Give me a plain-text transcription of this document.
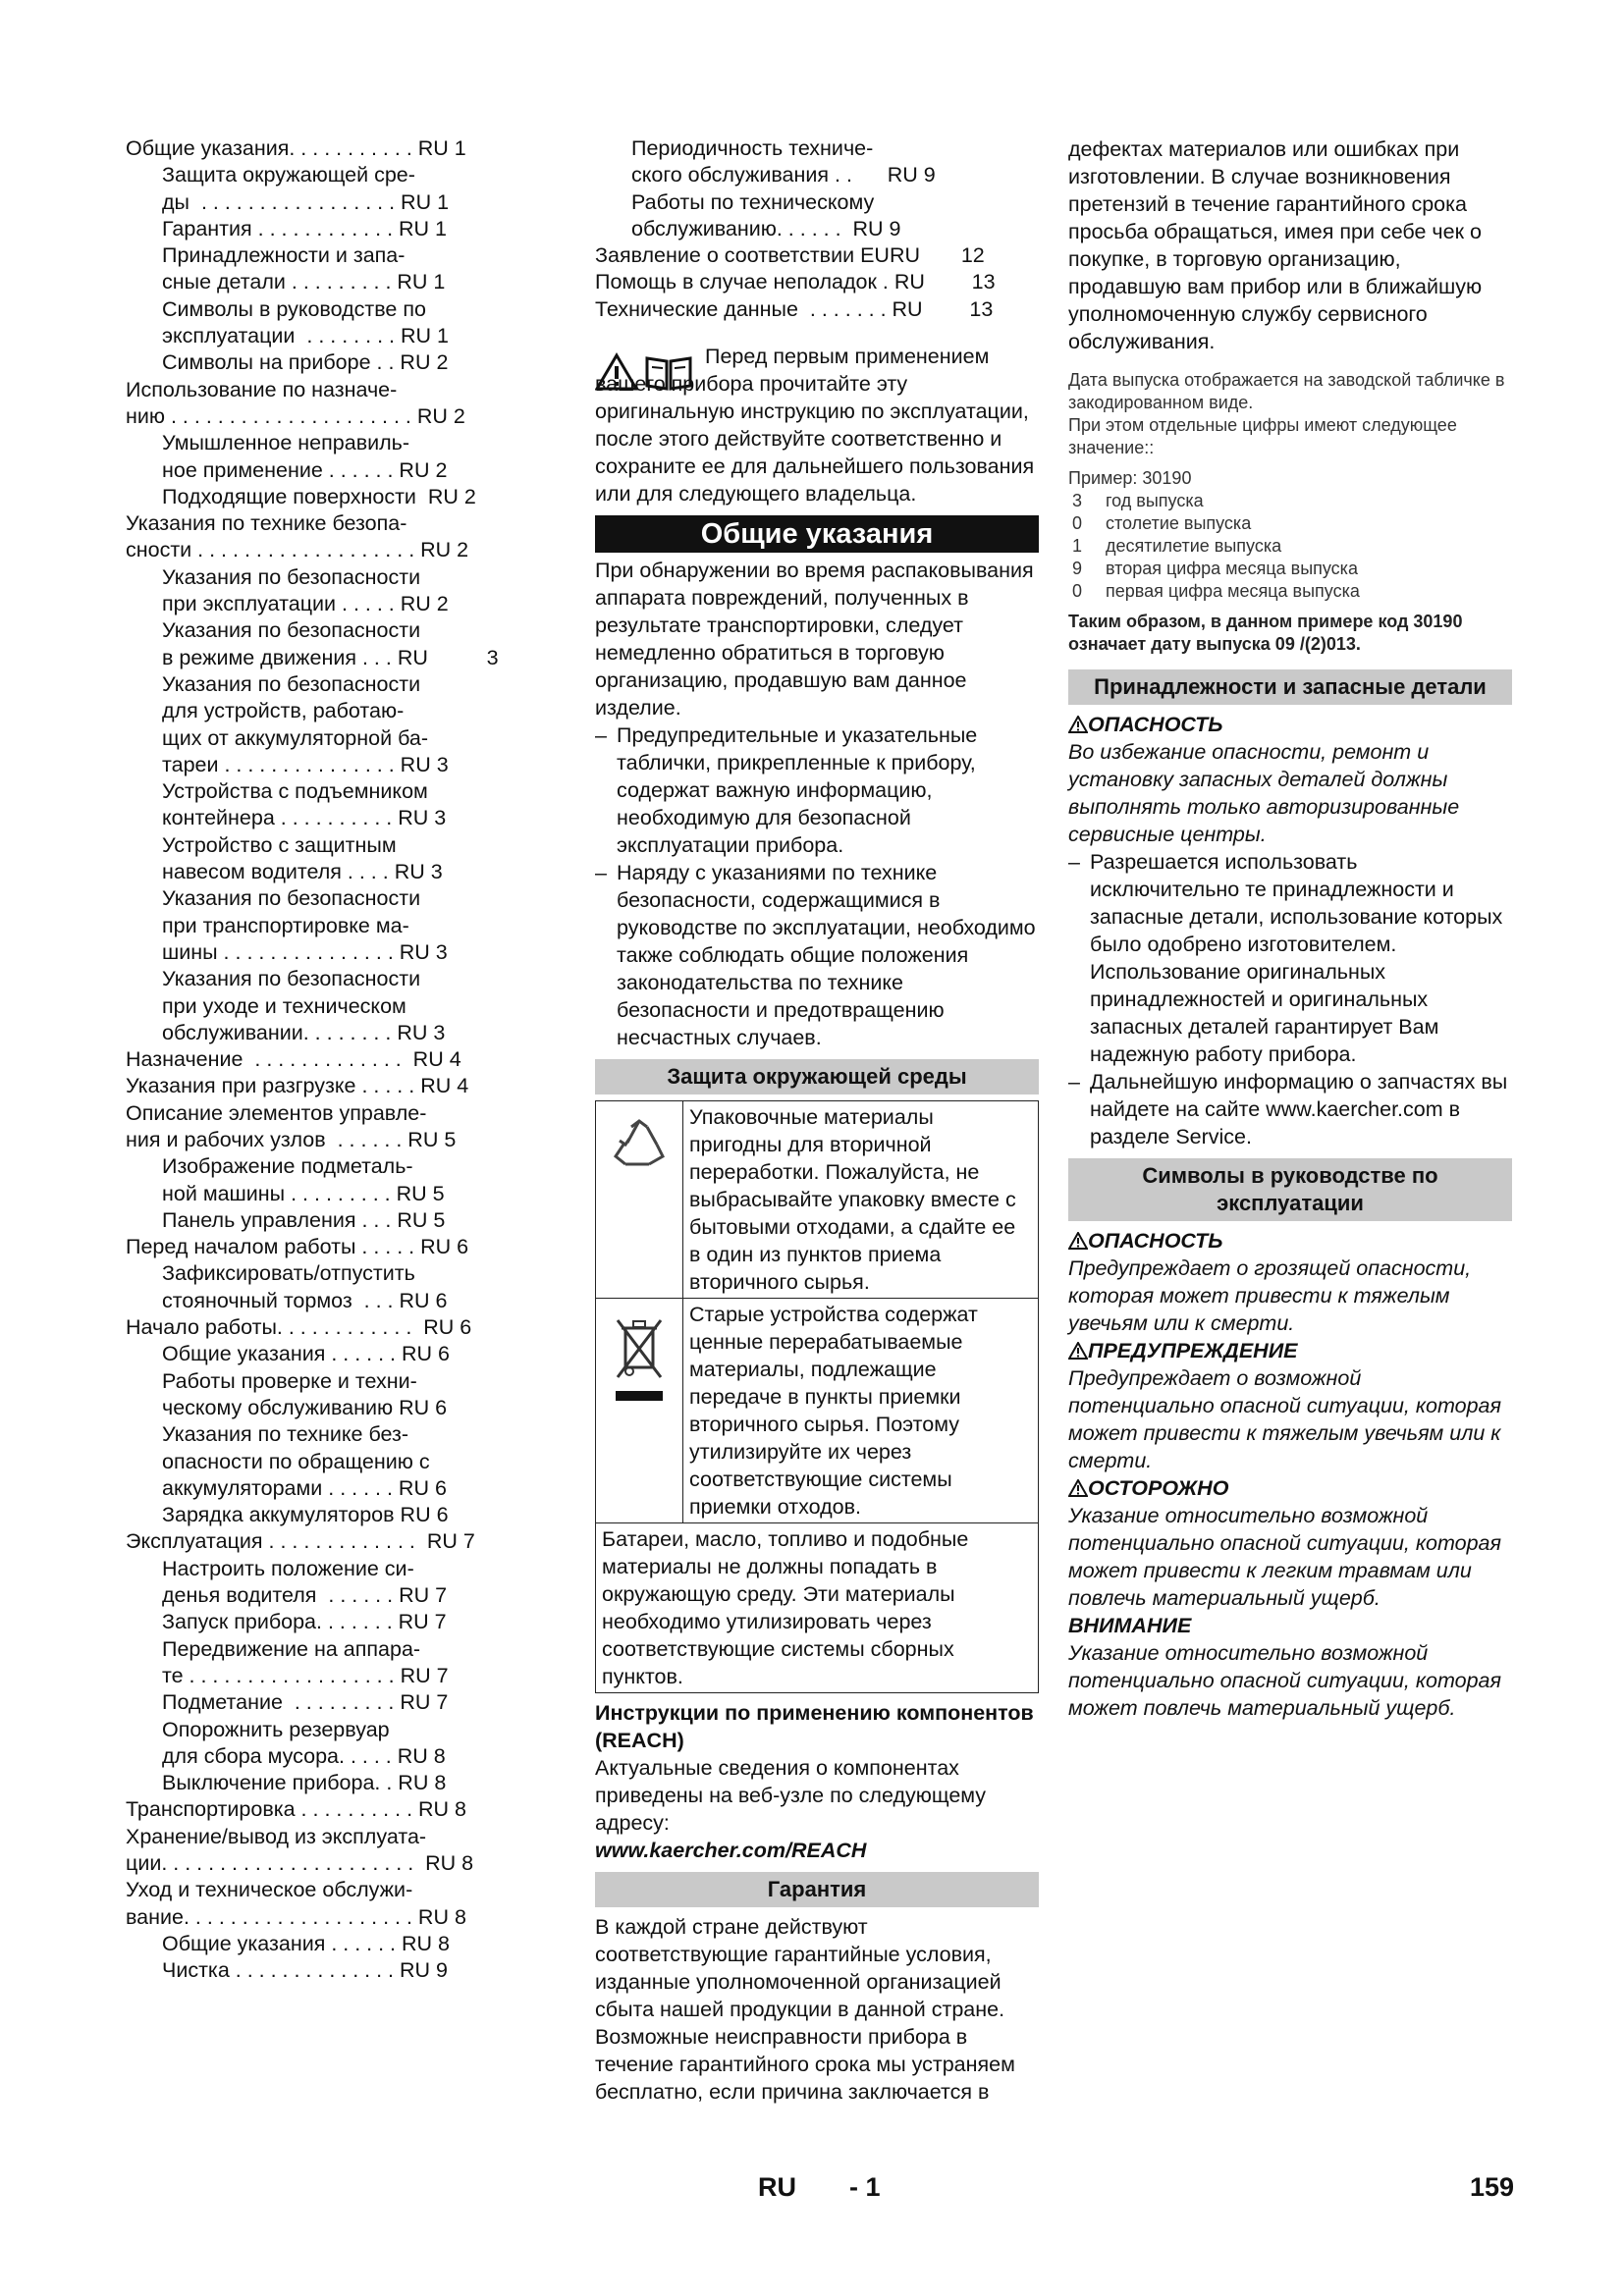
Общие указания. . . . . . . . . . . RU 1
Защита окружающей сре-
ды  . . . . . . . . . . . . . . . . . RU 1
Гарантия . . . . . . . . . . . . RU 1
Принадлежности и запа-
сные детали . . . . . . . . . RU 1
Символы в руководстве по
эксплуатации  . . . . . . . . RU 1
Символы на приборе . . RU 2
Использование по назначе-
нию . . . . . . . . . . . . . . . . . . . . . RU 2
Умышленное неправиль-
ное применение . . . . . . RU 2
Подходящие поверхности  RU 2
Указания по технике безопа-
сности . . . . . . . . . . . . . . . . . . . RU 2
Указания по безопасности
при эксплуатации . . . . . RU 2
Указания по безопасности
в режиме движения . . . RU          3
Указания по безопасности
для устройств, работаю-
щих от аккумуляторной ба-
тареи . . . . . . . . . . . . . . . RU 3
Устройства с подъемником
контейнера . . . . . . . . . . RU 3
Устройство с защитным
навесом водителя . . . . RU 3
Указания по безопасности
при транспортировке ма-
шины . . . . . . . . . . . . . . . RU 3
Указания по безопасности
при уходе и техническом
обслуживании. . . . . . . . RU 3
Назначение  . . . . . . . . . . . . .  RU 4
Указания при разгрузке . . . . . RU 4
Описание элементов управле-
ния и рабочих узлов  . . . . . . RU 5
Изображение подметаль-
ной машины . . . . . . . . . RU 5
Панель управления . . . RU 5
Перед началом работы . . . . . RU 6
Зафиксировать/отпустить
стояночный тормоз  . . . RU 6
Начало работы. . . . . . . . . . . .  RU 6
Общие указания . . . . . . RU 6
Работы проверке и техни-
ческому обслуживанию RU 6
Указания по технике без-
опасности по обращению с
аккумуляторами . . . . . . RU 6
Зарядка аккумуляторов RU 6
Эксплуатация . . . . . . . . . . . . .  RU 7
Настроить положение си-
денья водителя  . . . . . . RU 7
Запуск прибора. . . . . . . RU 7
Передвижение на аппара-
те . . . . . . . . . . . . . . . . . . RU 7
Подметание  . . . . . . . . . RU 7
Опорожнить резервуар
для сбора мусора. . . . . RU 8
Выключение прибора. . RU 8
Транспортировка . . . . . . . . . . RU 8
Хранение/вывод из эксплуата-
ции. . . . . . . . . . . . . . . . . . . . . .  RU 8
Уход и техническое обслужи-
вание. . . . . . . . . . . . . . . . . . . . RU 8
Общие указания . . . . . . RU 8
Чистка . . . . . . . . . . . . . . RU 9
Периодичность техниче-
ского обслуживания . .      RU 9
Работы по техническому
обслуживанию. . . . . .  RU 9
Заявление о соответствии EURU       12
Помощь в случае неполадок . RU        13
Технические данные  . . . . . . . RU        13

Перед первым применением вашего прибора прочитайте эту оригинальную инструкцию по эксплуатации, после этого действуйте соответственно и сохраните ее для дальнейшего пользования или для следующего владельца.

Общие указания

При обнаружении во время распаковывания аппарата повреждений, полученных в результате транспортировки, следует немедленно обратиться в торговую организацию, продавшую вам данное изделие.

– Предупредительные и указательные таблички, прикрепленные к прибору, содержат важную информацию, необходимую для безопасной эксплуатации прибора.
– Наряду с указаниями по технике безопасности, содержащимися в руководстве по эксплуатации, необходимо также соблюдать общие положения законодательства по технике безопасности и предотвращению несчастных случаев.
Защита окружающей среды
Упаковочные материалы пригодны для вторичной переработки. Пожалуйста, не выбрасывайте упаковку вместе с бытовыми отходами, а сдайте ее в один из пунктов приема вторичного сырья.
Старые устройства содержат ценные перерабатываемые материалы, подлежащие передаче в пункты приемки вторичного сырья. Поэтому утилизируйте их через соответствующие системы приемки отходов.
Батареи, масло, топливо и подобные материалы не должны попадать в окружающую среду. Эти материалы необходимо утилизировать через соответствующие системы сборных пунктов.

Инструкции по применению компонентов (REACH)

Актуальные сведения о компонентах приведены на веб-узле по следующему адресу:

www.kaercher.com/REACH

Гарантия

В каждой стране действуют соответствующие гарантийные условия, изданные уполномоченной организацией сбыта нашей продукции в данной стране. Возможные неисправности прибора в течение гарантийного срока мы устраняем бесплатно, если причина заключается в

дефектах материалов или ошибках при изготовлении. В случае возникновения претензий в течение гарантийного срока просьба обращаться, имея при себе чек о покупке, в торговую организацию, продавшую вам прибор или в ближайшую уполномоченную службу сервисного обслуживания.

Дата выпуска отображается на заводской табличке в закодированном виде.
При этом отдельные цифры имеют следующее значение::
Пример: 30190
3	год выпуска
0	столетие выпуска
1	десятилетие выпуска
9	вторая цифра месяца выпуска
0	первая цифра месяца выпуска
Таким образом, в данном примере код 30190 означает дату выпуска 09 /(2)013.
Принадлежности и запасные детали
ОПАСНОСТЬ

Во избежание опасности, ремонт и установку запасных деталей должны выполнять только авторизированные сервисные центры.

– Разрешается использовать исключительно те принадлежности и запасные детали, использование которых было одобрено изготовителем. Использование оригинальных принадлежностей и оригинальных запасных деталей гарантирует Вам надежную работу прибора.
– Дальнейшую информацию о запчастях вы найдете на сайте www.kaercher.com в разделе Service.
Символы в руководстве по эксплуатации
ОПАСНОСТЬ

Предупреждает о грозящей опасности, которая может привести к тяжелым увечьям или к смерти.

ПРЕДУПРЕЖДЕНИЕ

Предупреждает о возможной потенциально опасной ситуации, которая может привести к тяжелым увечьям или к смерти.

ОСТОРОЖНО

Указание относительно возможной потенциально опасной ситуации, которая может привести к легким травмам или повлечь материальный ущерб.

ВНИМАНИЕ

Указание относительно возможной потенциально опасной ситуации, которая может повлечь материальный ущерб.

RU - 1	159
